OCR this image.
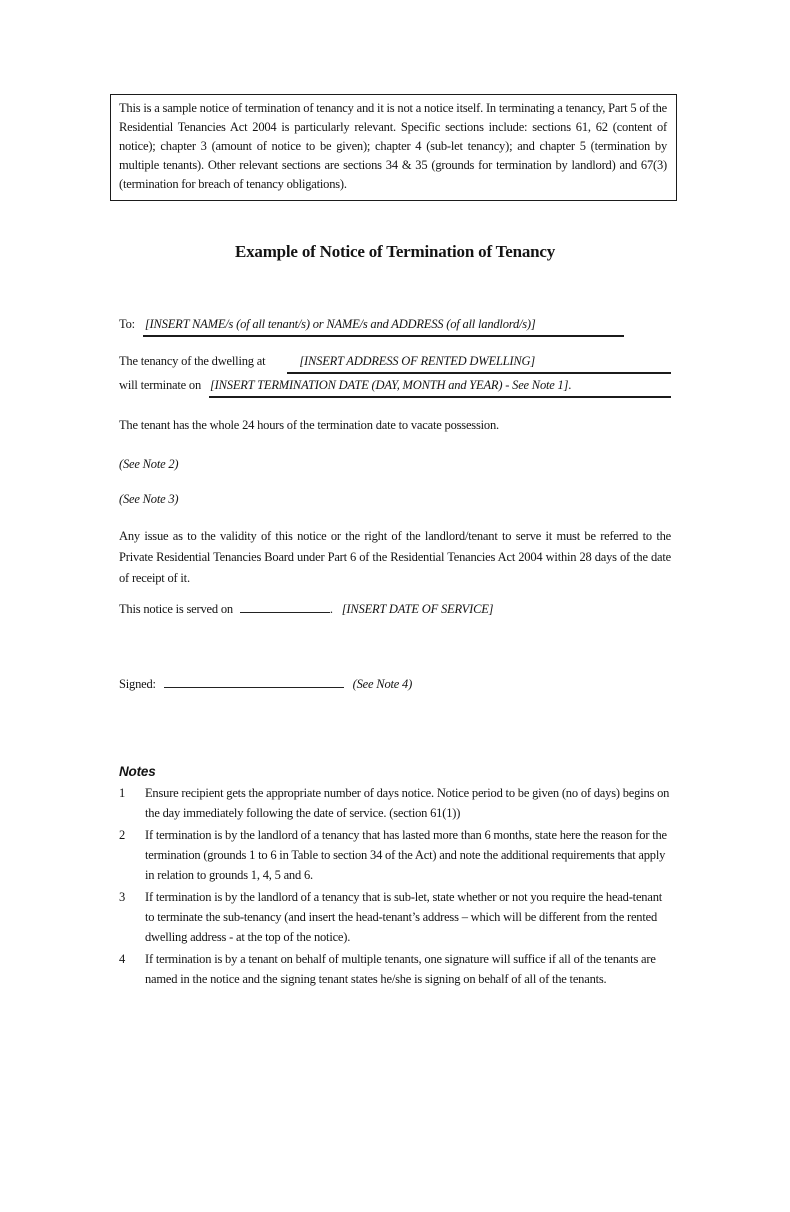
This is a sample notice of termination of tenancy and it is not a notice itself. In terminating a tenancy, Part 5 of the Residential Tenancies Act 2004 is particularly relevant. Specific sections include: sections 61, 62 (content of notice); chapter 3 (amount of notice to be given); chapter 4 (sub-let tenancy); and chapter 5 (termination by multiple tenants). Other relevant sections are sections 34 & 35 (grounds for termination by landlord) and 67(3) (termination for breach of tenancy obligations).

Example of Notice of Termination of Tenancy
To: [INSERT NAME/s (of all tenant/s) or NAME/s and ADDRESS (of all landlord/s)]
The tenancy of the dwelling at	[INSERT ADDRESS OF RENTED DWELLING]
will terminate on [INSERT TERMINATION DATE (DAY, MONTH and YEAR) - See Note 1].
The tenant has the whole 24 hours of the termination date to vacate possession.
(See Note 2)
(See Note 3)

Any issue as to the validity of this notice or the right of the landlord/tenant to serve it must be referred to the Private Residential Tenancies Board under Part 6 of the Residential Tenancies Act 2004 within 28 days of the date of receipt of it.

This notice is served on	. [INSERT DATE OF SERVICE]
Signed:	(See Note 4)
Notes
1	Ensure recipient gets the appropriate number of days notice. Notice period to be given (no of days) begins on the day immediately following the date of service. (section 61(1))
2	If termination is by the landlord of a tenancy that has lasted more than 6 months, state here the reason for the termination (grounds 1 to 6 in Table to section 34 of the Act) and note the additional requirements that apply in relation to grounds 1, 4, 5 and 6.
3	If termination is by the landlord of a tenancy that is sub-let, state whether or not you require the head-tenant to terminate the sub-tenancy (and insert the head-tenant’s address – which will be different from the rented dwelling address - at the top of the notice).
4	If termination is by a tenant on behalf of multiple tenants, one signature will suffice if all of the tenants are named in the notice and the signing tenant states he/she is signing on behalf of all of the tenants.
